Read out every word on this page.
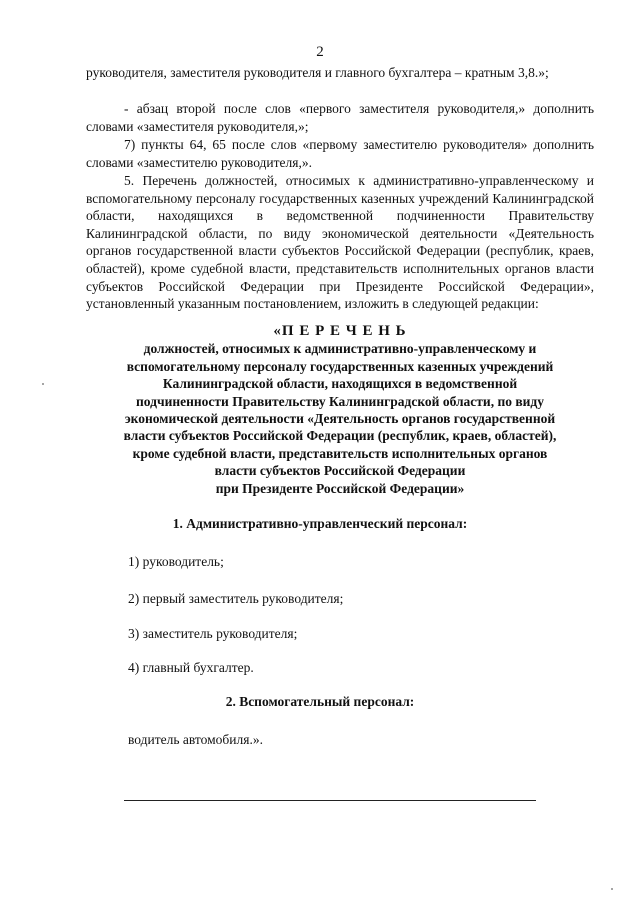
2
руководителя, заместителя руководителя и главного бухгалтера – кратным 3,8.»;
- абзац второй после слов «первого заместителя руководителя,» дополнить словами «заместителя руководителя,»;
7) пункты 64, 65 после слов «первому заместителю руководителя» дополнить словами «заместителю руководителя,».
5. Перечень должностей, относимых к административно-управленческому и вспомогательному персоналу государственных казенных учреждений Калининградской области, находящихся в ведомственной подчиненности Правительству Калининградской области, по виду экономической деятельности «Деятельность органов государственной власти субъектов Российской Федерации (республик, краев, областей), кроме судебной власти, представительств исполнительных органов власти субъектов Российской Федерации при Президенте Российской Федерации», установленный указанным постановлением, изложить в следующей редакции:
«П Е Р Е Ч Е Н Ь
должностей, относимых к административно-управленческому и
вспомогательному персоналу государственных казенных учреждений
Калининградской области, находящихся в ведомственной
подчиненности Правительству Калининградской области, по виду
экономической деятельности «Деятельность органов государственной
власти субъектов Российской Федерации (республик, краев, областей),
кроме судебной власти, представительств исполнительных органов
власти субъектов Российской Федерации
при Президенте Российской Федерации»
1. Административно-управленческий персонал:
1) руководитель;
2) первый заместитель руководителя;
3) заместитель руководителя;
4) главный бухгалтер.
2. Вспомогательный персонал:
водитель автомобиля.».
